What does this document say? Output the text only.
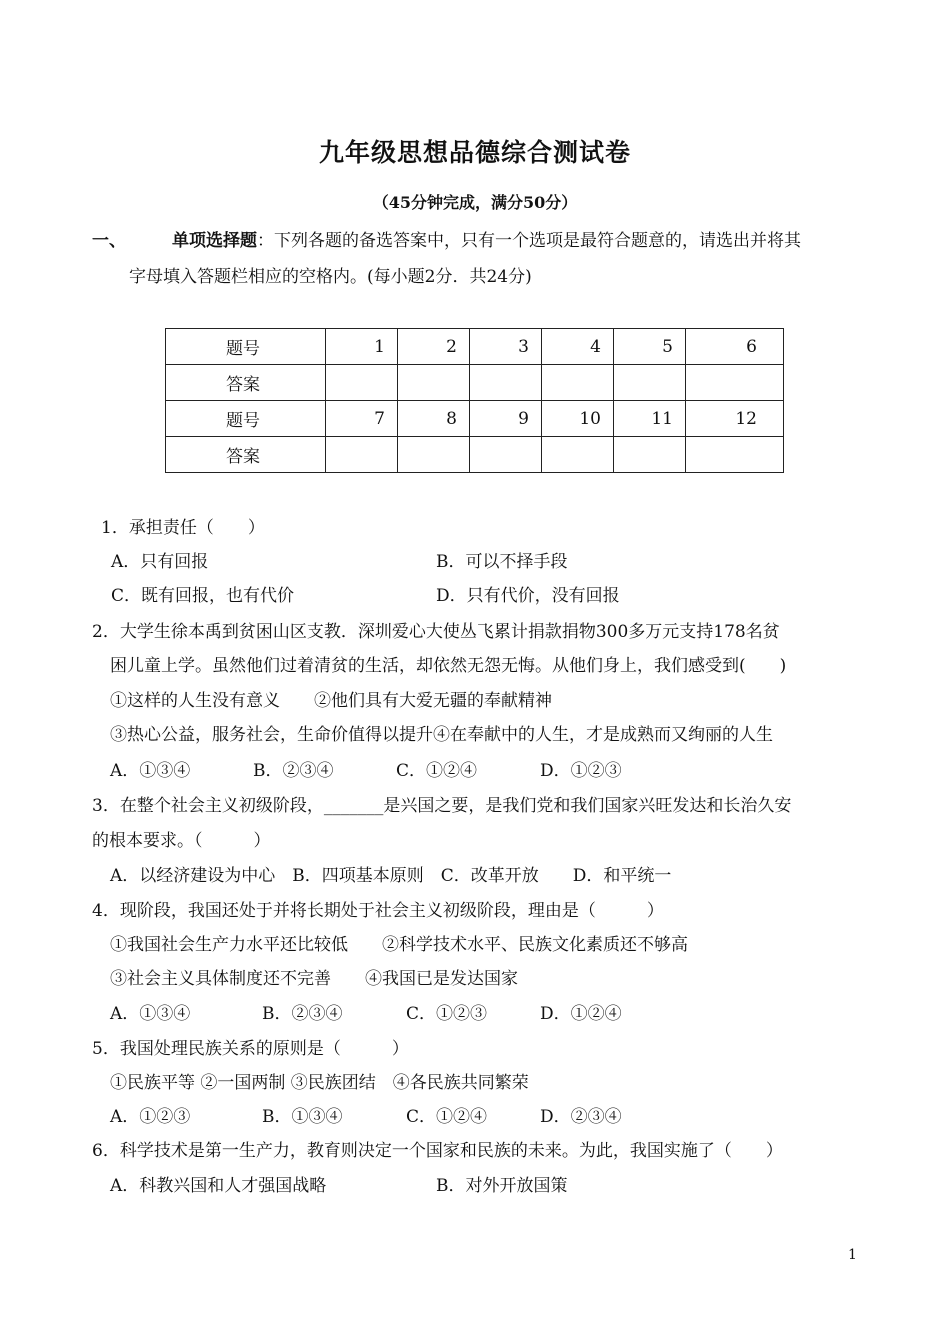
九年级思想品德综合测试卷
（45分钟完成，满分50分）
一、	单项选择题：下列各题的备选答案中，只有一个选项是最符合题意的，请选出并将其
字母填入答题栏相应的空格内。(每小题2分．共24分)
题号	1	2	3	4	5	6
答案						
题号	7	8	9	10	11	12
答案						
1．承担责任（　　）
A．只有回报	B．可以不择手段
C．既有回报，也有代价	D．只有代价，没有回报
2．大学生徐本禹到贫困山区支教．深圳爱心大使丛飞累计捐款捐物300多万元支持178名贫
困儿童上学。虽然他们过着清贫的生活，却依然无怨无悔。从他们身上，我们感受到(　　)
①这样的人生没有意义　　②他们具有大爱无疆的奉献精神
③热心公益，服务社会，生命价值得以提升④在奉献中的人生，才是成熟而又绚丽的人生
A．①③④	B．②③④	C．①②④	D．①②③
3．在整个社会主义初级阶段，_______是兴国之要，是我们党和我们国家兴旺发达和长治久安
的根本要求。（　　　）
A．以经济建设为中心　B．四项基本原则　C．改革开放　　D．和平统一
4．现阶段，我国还处于并将长期处于社会主义初级阶段，理由是（　　　）
①我国社会生产力水平还比较低　　②科学技术水平、民族文化素质还不够高
③社会主义具体制度还不完善　　④我国已是发达国家
A．①③④	B．②③④	C．①②③	D．①②④
5．我国处理民族关系的原则是（　　　）
①民族平等 ②一国两制 ③民族团结　④各民族共同繁荣
A．①②③	B．①③④	C．①②④	D．②③④
6．科学技术是第一生产力，教育则决定一个国家和民族的未来。为此，我国实施了（　　）
A．科教兴国和人才强国战略	B．对外开放国策
1
